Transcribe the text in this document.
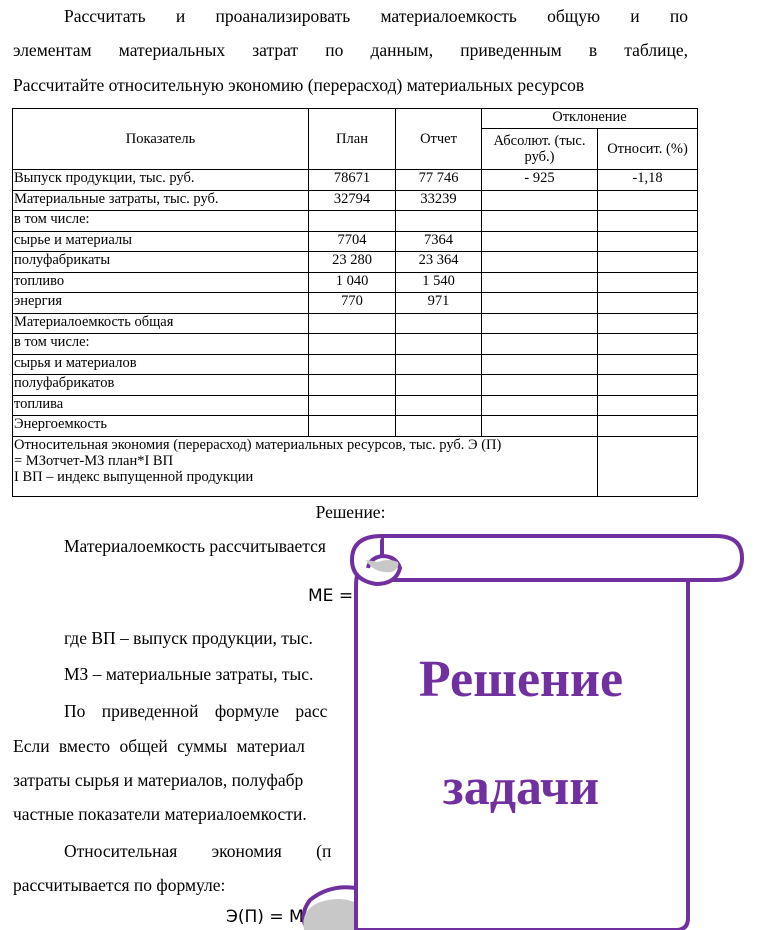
Рассчитать и проанализировать материалоемкость общую и по

элементам материальных затрат по данным, приведенным в таблице,

Рассчитайте относительную экономию (перерасход) материальных ресурсов

Показатель	План	Отчет	Отклонение	
			Абсолют. (тыс. руб.)	Относит. (%)
Выпуск продукции, тыс. руб.	78671	77 746	- 925	-1,18
Материальные затраты, тыс. руб.	32794	33239		
в том числе:				
сырье и материалы	7704	7364		
полуфабрикаты	23 280	23 364		
топливо	1 040	1 540		
энергия	770	971		
Материалоемкость общая				
в том числе:				
сырья и материалов				
полуфабрикатов				
топлива				
Энергоемкость				

Относительная экономия (перерасход) материальных ресурсов, тыс. руб. Э (П)
= МЗотчет-МЗ план*I ВП
I ВП – индекс выпущенной продукции				

Решение:

Материалоемкость рассчитывается

МЕ =

где ВП – выпуск продукции, тыс.

МЗ – материальные затраты, тыс.

По приведенной формуле расс

Если вместо общей суммы материал

затраты сырья и материалов, полуфабр

частные показатели материалоемкости.

Относительная экономия (п

рассчитывается по формуле:

Э(П) = М

Решение

задачи
